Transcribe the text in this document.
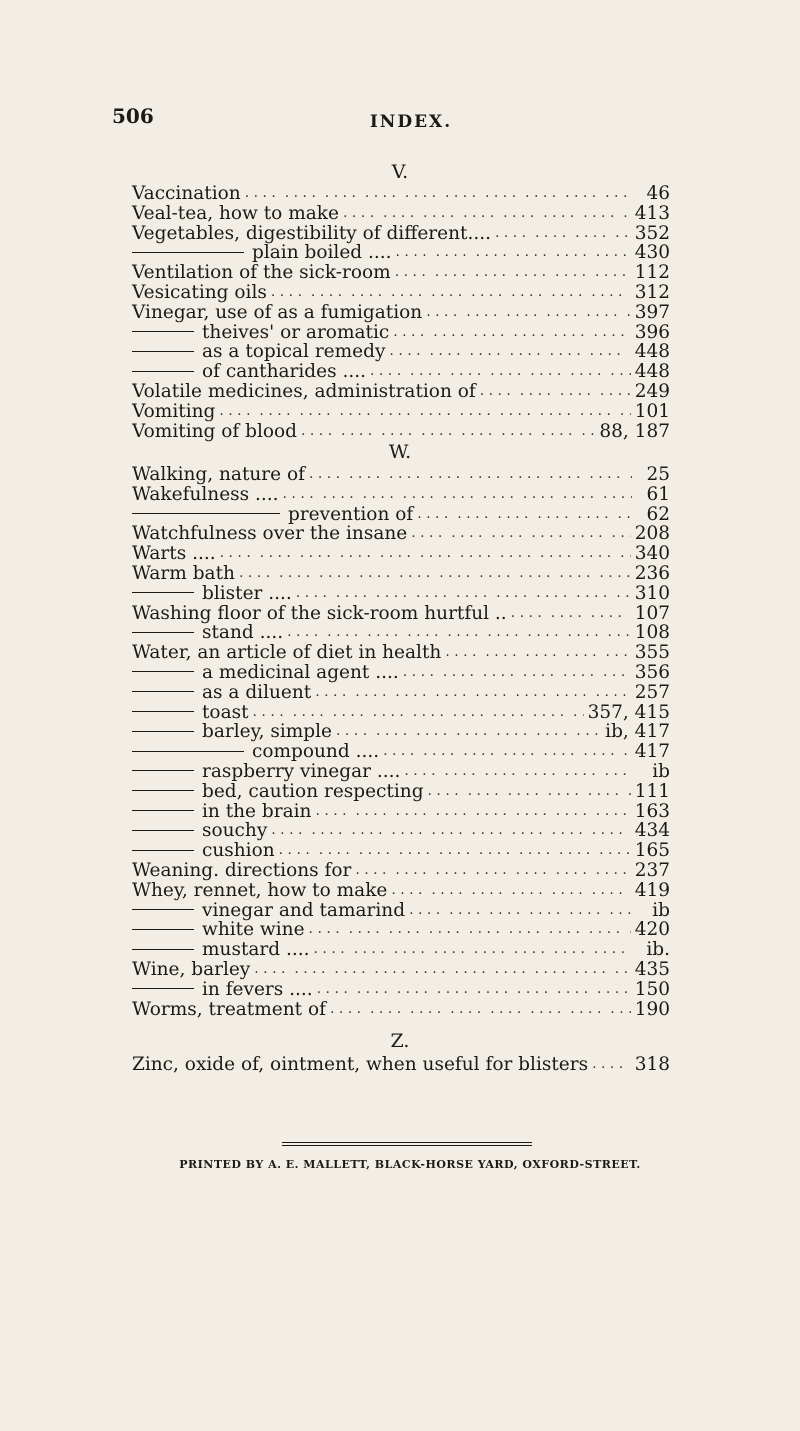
506	INDEX.
V.
Vaccination . . .	46
Veal-tea, how to make . . .	413
Vegetables, digestibility of different.... . . .	352
plain boiled .... . . .	430
Ventilation of the sick-room . . .	112
Vesicating oils . . .	312
Vinegar, use of as a fumigation . . .	397
theives' or aromatic . . .	396
as a topical remedy . . .	448
of cantharides .... . . .	448
Volatile medicines, administration of . . .	249
Vomiting . . .	101
Vomiting of blood . . .	88, 187
W.
Walking, nature of . . .	25
Wakefulness .... . . .	61
prevention of . . .	62
Watchfulness over the insane . . .	208
Warts .... . . .	340
Warm bath . . .	236
blister .... . . .	310
Washing floor of the sick-room hurtful .. . . .	107
stand .... . . .	108
Water, an article of diet in health . . .	355
a medicinal agent .... . . .	356
as a diluent . . .	257
toast . . .	357, 415
barley, simple . . .	ib, 417
compound .... . . .	417
raspberry vinegar .... . . .	ib
bed, caution respecting . . .	111
in the brain . . .	163
souchy . . .	434
cushion . . .	165
Weaning. directions for . . .	237
Whey, rennet, how to make . . .	419
vinegar and tamarind . . .	ib
white wine . . .	420
mustard .... . . .	ib.
Wine, barley . . .	435
in fevers .... . . .	150
Worms, treatment of . . .	190
Z.
Zinc, oxide of, ointment, when useful for blisters . . .	318
PRINTED BY A. E. MALLETT, BLACK-HORSE YARD, OXFORD-STREET.
